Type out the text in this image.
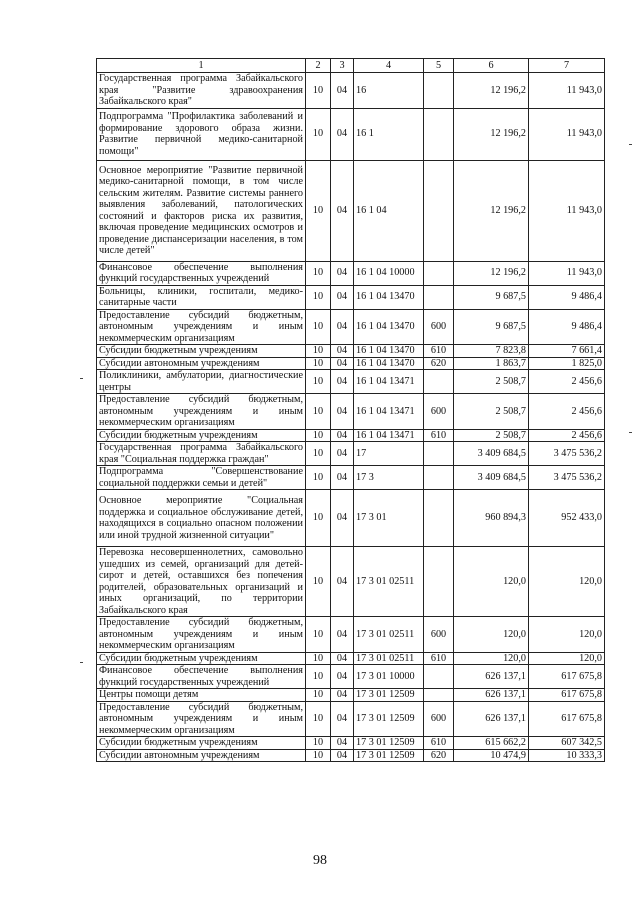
1	2	3	4	5	6	7
Государственная программа Забайкальского края "Развитие здравоохранения Забайкальского края"	10	04	16		12 196,2	11 943,0
Подпрограмма "Профилактика заболеваний и формирование здорового образа жизни. Развитие первичной медико-санитарной помощи"	10	04	16 1		12 196,2	11 943,0
Основное мероприятие "Развитие первичной медико-санитарной помощи, в том числе сельским жителям. Развитие системы раннего выявления заболеваний, патологических состояний и факторов риска их развития, включая проведение медицинских осмотров и проведение диспансеризации населения, в том числе детей"	10	04	16 1 04		12 196,2	11 943,0
Финансовое обеспечение выполнения функций государственных учреждений	10	04	16 1 04 10000		12 196,2	11 943,0
Больницы, клиники, госпитали, медико-санитарные части	10	04	16 1 04 13470		9 687,5	9 486,4
Предоставление субсидий бюджетным, автономным учреждениям и иным некоммерческим организациям	10	04	16 1 04 13470	600	9 687,5	9 486,4
Субсидии бюджетным учреждениям	10	04	16 1 04 13470	610	7 823,8	7 661,4
Субсидии автономным учреждениям	10	04	16 1 04 13470	620	1 863,7	1 825,0
Поликлиники, амбулатории, диагностические центры	10	04	16 1 04 13471		2 508,7	2 456,6
Предоставление субсидий бюджетным, автономным учреждениям и иным некоммерческим организациям	10	04	16 1 04 13471	600	2 508,7	2 456,6
Субсидии бюджетным учреждениям	10	04	16 1 04 13471	610	2 508,7	2 456,6
Государственная программа Забайкальского края "Социальная поддержка граждан"	10	04	17		3 409 684,5	3 475 536,2
Подпрограмма "Совершенствование социальной поддержки семьи и детей"	10	04	17 3		3 409 684,5	3 475 536,2
Основное мероприятие "Социальная поддержка и социальное обслуживание детей, находящихся в социально опасном положении или иной трудной жизненной ситуации"	10	04	17 3 01		960 894,3	952 433,0
Перевозка несовершеннолетних, самовольно ушедших из семей, организаций для детей-сирот и детей, оставшихся без попечения родителей, образовательных организаций и иных организаций, по территории Забайкальского края	10	04	17 3 01 02511		120,0	120,0
Предоставление субсидий бюджетным, автономным учреждениям и иным некоммерческим организациям	10	04	17 3 01 02511	600	120,0	120,0
Субсидии бюджетным учреждениям	10	04	17 3 01 02511	610	120,0	120,0
Финансовое обеспечение выполнения функций государственных учреждений	10	04	17 3 01 10000		626 137,1	617 675,8
Центры помощи детям	10	04	17 3 01 12509		626 137,1	617 675,8
Предоставление субсидий бюджетным, автономным учреждениям и иным некоммерческим организациям	10	04	17 3 01 12509	600	626 137,1	617 675,8
Субсидии бюджетным учреждениям	10	04	17 3 01 12509	610	615 662,2	607 342,5
Субсидии автономным учреждениям	10	04	17 3 01 12509	620	10 474,9	10 333,3
98
